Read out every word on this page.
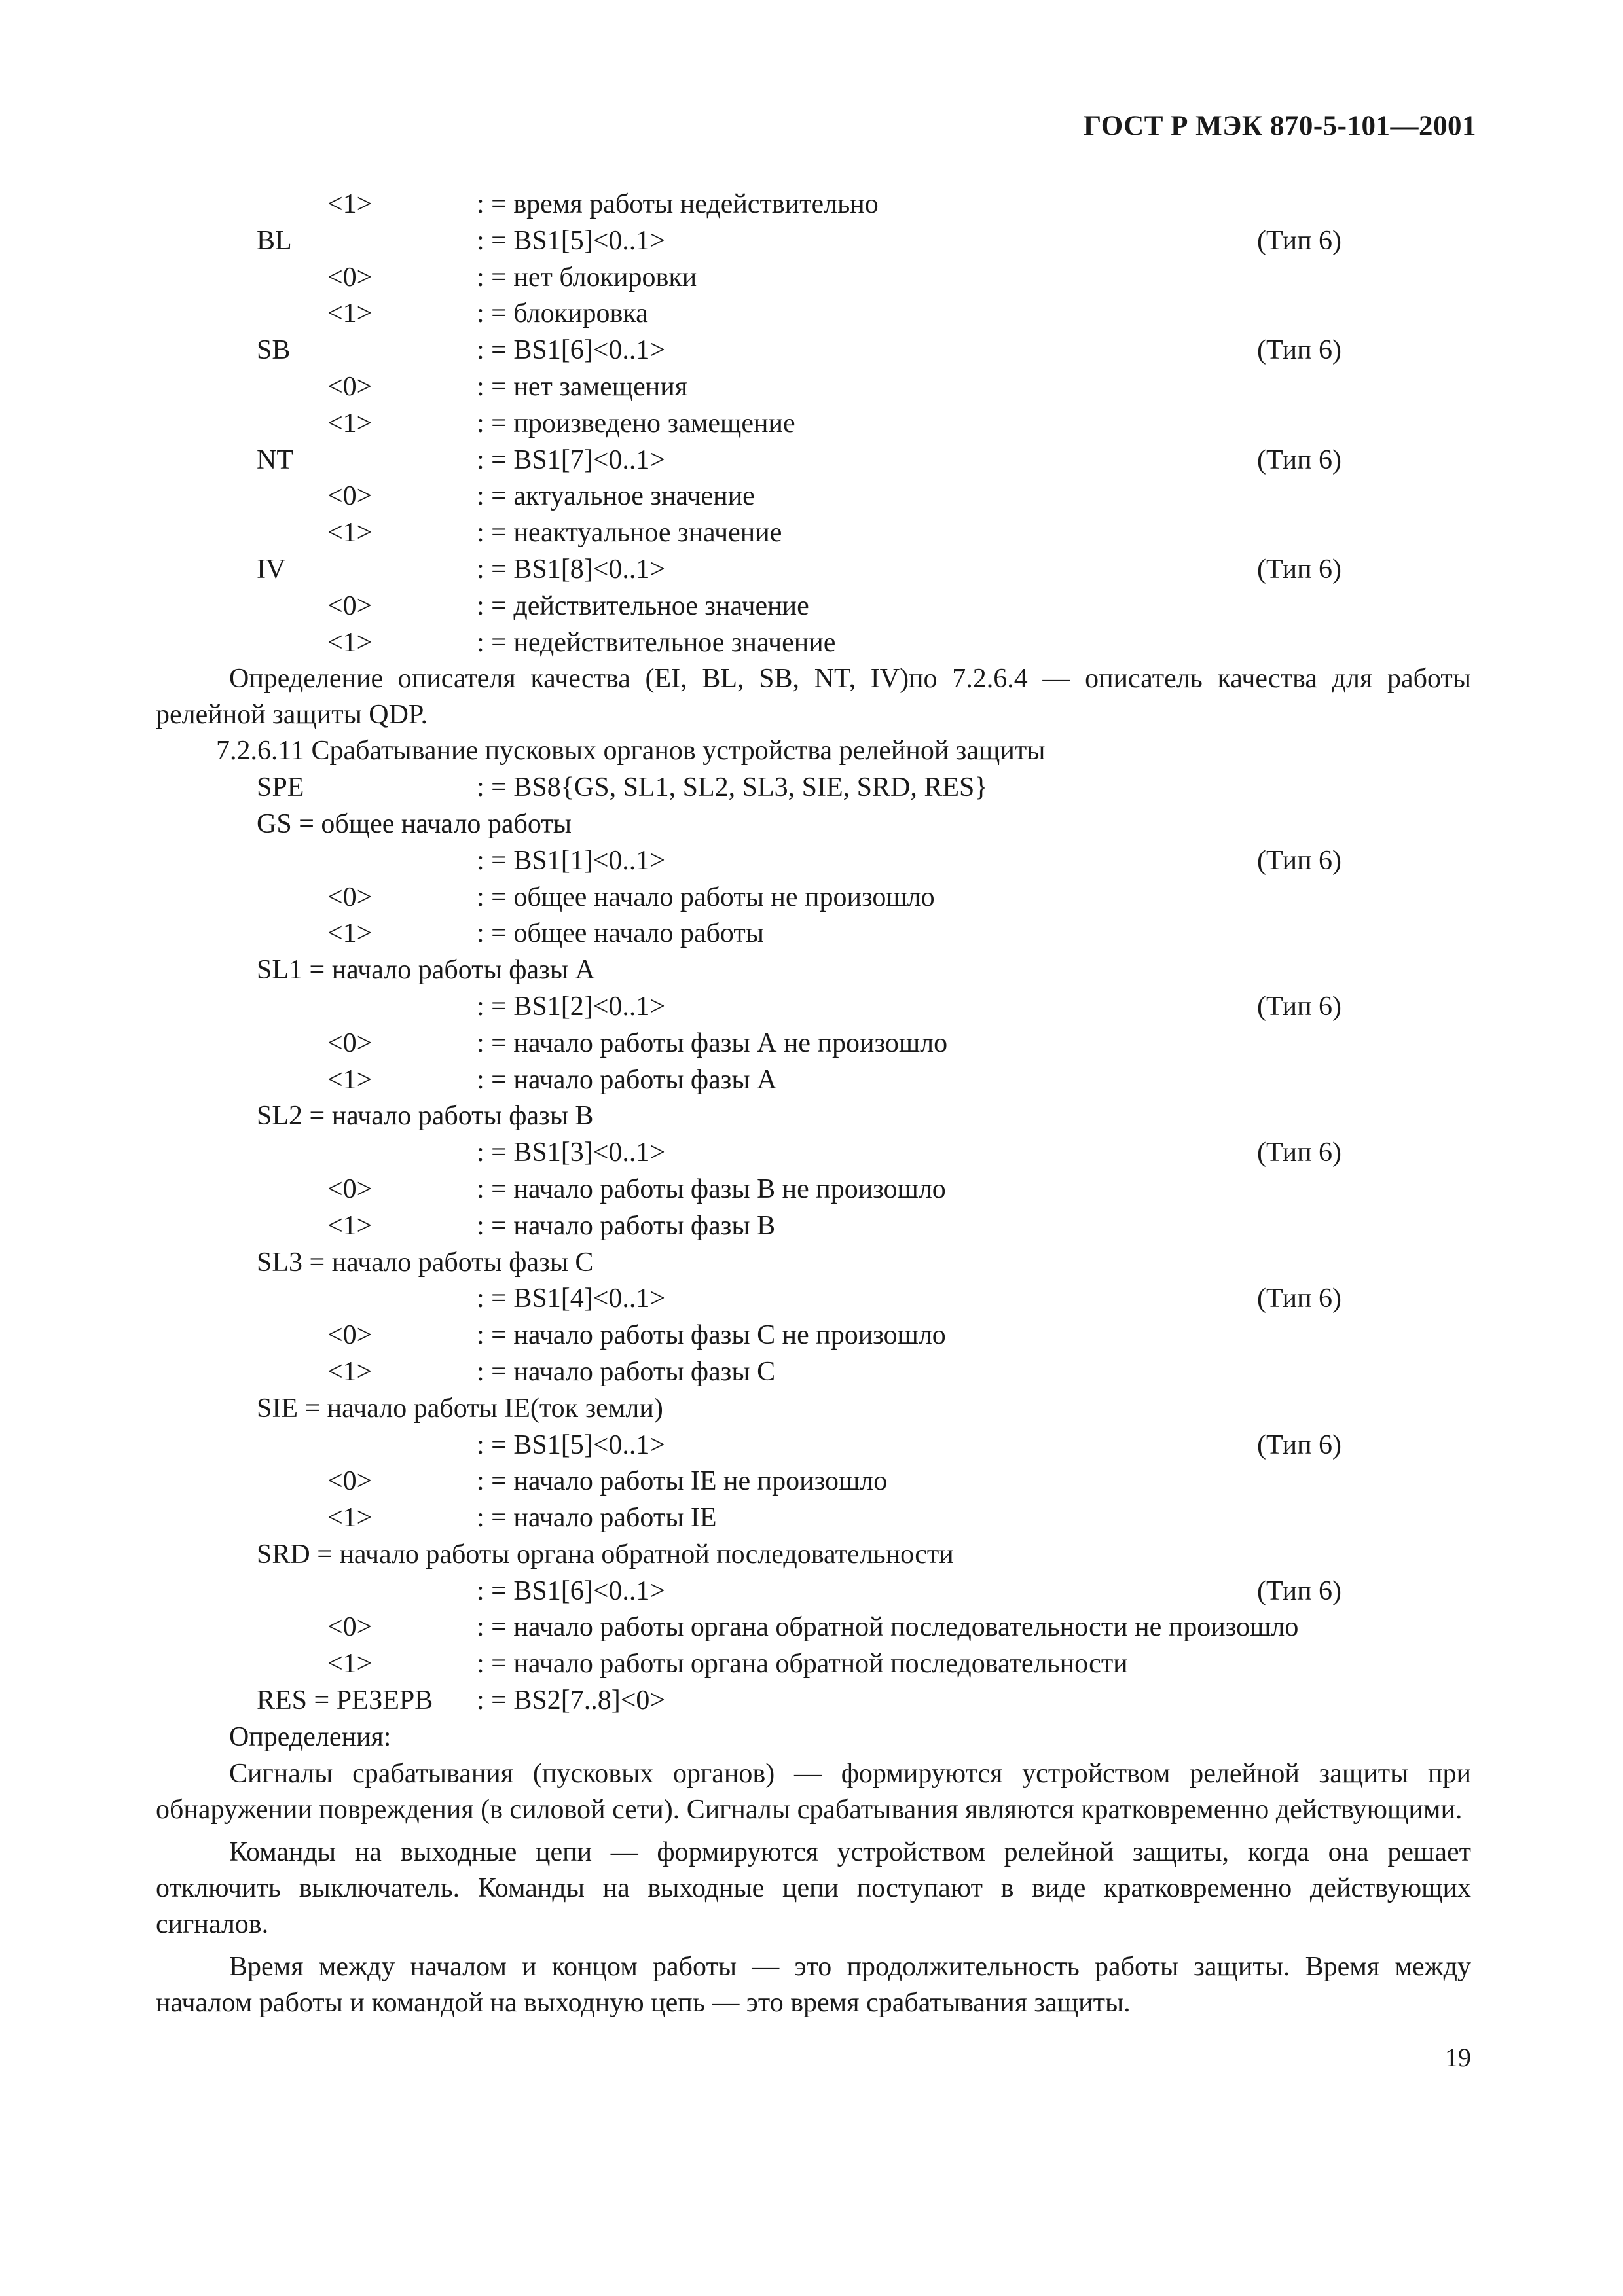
ГОСТ Р МЭК 870-5-101—2001
<1>	: = время работы недействительно
BL	: = BS1[5]<0..1>	(Тип 6)
<0>	: = нет блокировки
<1>	: = блокировка
SB	: = BS1[6]<0..1>	(Тип 6)
<0>	: = нет замещения
<1>	: = произведено замещение
NT	: = BS1[7]<0..1>	(Тип 6)
<0>	: = актуальное значение
<1>	: = неактуальное значение
IV	: = BS1[8]<0..1>	(Тип 6)
<0>	: = действительное значение
<1>	: = недействительное значение
Определение описателя качества (EI, BL, SB, NT, IV)по 7.2.6.4 — описатель качества для работы релейной защиты QDP.
7.2.6.11 Срабатывание пусковых органов устройства релейной защиты
SPE	: = BS8{GS, SL1, SL2, SL3, SIE, SRD, RES}
GS = общее начало работы
: = BS1[1]<0..1>	(Тип 6)
<0>	: = общее начало работы не произошло
<1>	: = общее начало работы
SL1 = начало работы фазы А
: = BS1[2]<0..1>	(Тип 6)
<0>	: = начало работы фазы А не произошло
<1>	: = начало работы фазы А
SL2 = начало работы фазы В
: = BS1[3]<0..1>	(Тип 6)
<0>	: = начало работы фазы В не произошло
<1>	: = начало работы фазы В
SL3 = начало работы фазы С
: = BS1[4]<0..1>	(Тип 6)
<0>	: = начало работы фазы С не произошло
<1>	: = начало работы фазы С
SIE = начало работы IE(ток земли)
: = BS1[5]<0..1>	(Тип 6)
<0>	: = начало работы IE не произошло
<1>	: = начало работы IE
SRD = начало работы органа обратной последовательности
: = BS1[6]<0..1>	(Тип 6)
<0>	: = начало работы органа обратной последовательности не произошло
<1>	: = начало работы органа обратной последовательности
RES = РЕЗЕРВ : = BS2[7..8]<0>
Определения:
Сигналы срабатывания (пусковых органов) — формируются устройством релейной защиты при обнаружении повреждения (в силовой сети). Сигналы срабатывания являются кратковременно действующими.
Команды на выходные цепи — формируются устройством релейной защиты, когда она решает отключить выключатель. Команды на выходные цепи поступают в виде кратковременно действующих сигналов.
Время между началом и концом работы — это продолжительность работы защиты. Время между началом работы и командой на выходную цепь — это время срабатывания защиты.
19
